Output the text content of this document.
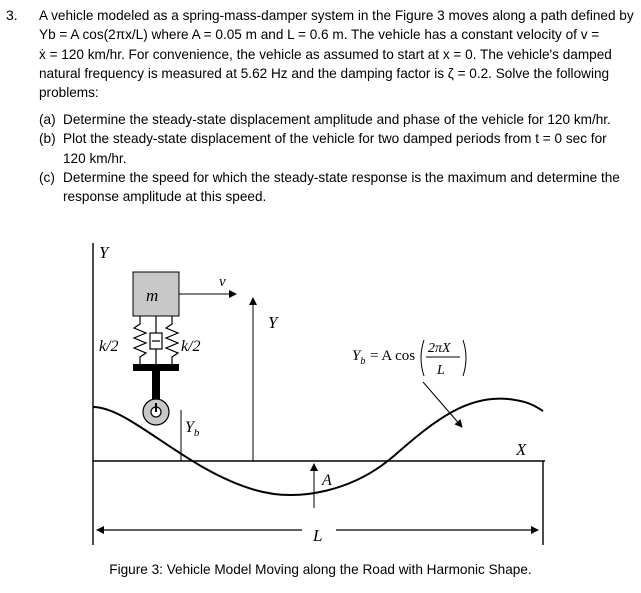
3. A vehicle modeled as a spring-mass-damper system in the Figure 3 moves along a path defined by
Yb = A cos(2πx/L) where A = 0.05 m and L = 0.6 m. The vehicle has a constant velocity of v =
ẋ = 120 km/hr. For convenience, the vehicle as assumed to start at x = 0. The vehicle's damped
natural frequency is measured at 5.62 Hz and the damping factor is ζ = 0.2. Solve the following
problems:
(a) Determine the steady-state displacement amplitude and phase of the vehicle for 120 km/hr.
(b) Plot the steady-state displacement of the vehicle for two damped periods from t = 0 sec for
120 km/hr.
(c) Determine the speed for which the steady-state response is the maximum and determine the
response amplitude at this speed.
Y
X
m
k/2	k/2
$Y_b$
v
Y
$Y_b = A$ cos 2πX
L
A
L
Figure 3: Vehicle Model Moving along the Road with Harmonic Shape.
